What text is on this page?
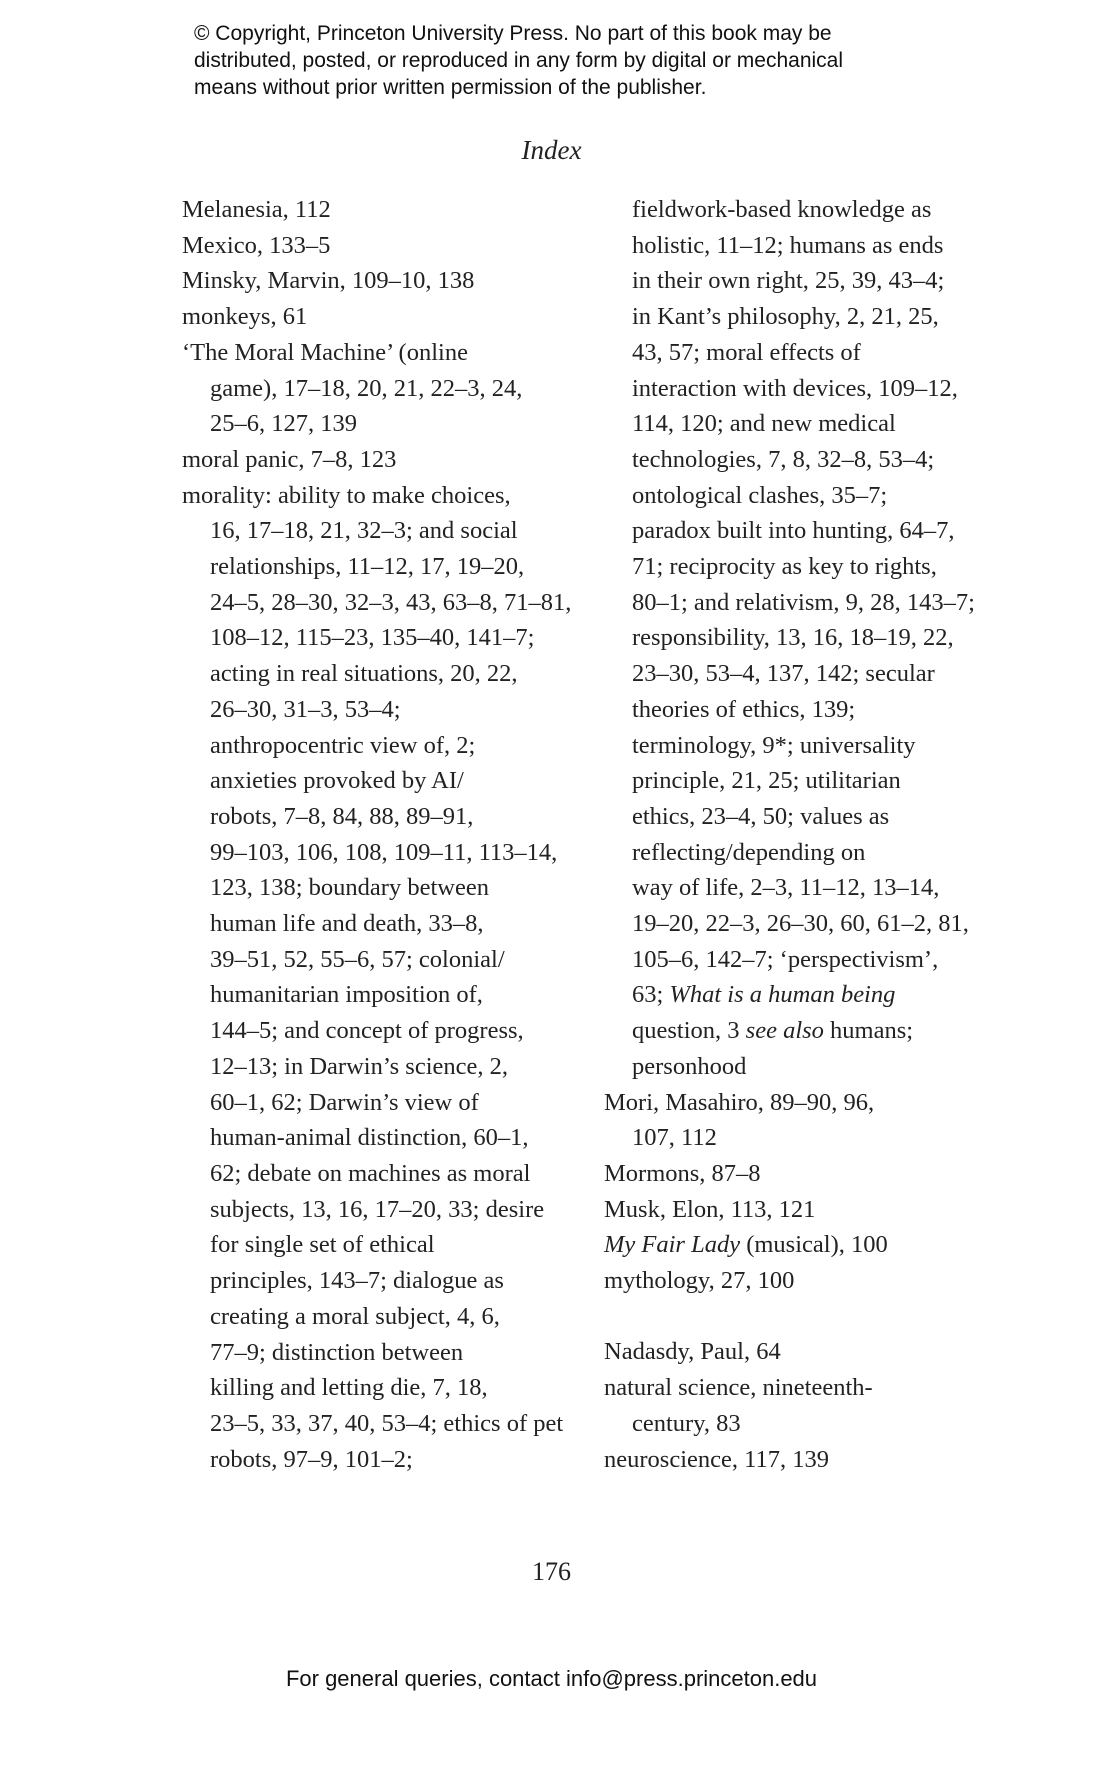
© Copyright, Princeton University Press. No part of this book may be
distributed, posted, or reproduced in any form by digital or mechanical
means without prior written permission of the publisher.
Index
Melanesia, 112
Mexico, 133–5
Minsky, Marvin, 109–10, 138
monkeys, 61
‘The Moral Machine’ (online
game), 17–18, 20, 21, 22–3, 24,
25–6, 127, 139
moral panic, 7–8, 123
morality: ability to make choices,
16, 17–18, 21, 32–3; and social
relationships, 11–12, 17, 19–20,
24–5, 28–30, 32–3, 43, 63–8, 71–81,
108–12, 115–23, 135–40, 141–7;
acting in real situations, 20, 22,
26–30, 31–3, 53–4;
anthropocentric view of, 2;
anxieties provoked by AI/
robots, 7–8, 84, 88, 89–91,
99–103, 106, 108, 109–11, 113–14,
123, 138; boundary between
human life and death, 33–8,
39–51, 52, 55–6, 57; colonial/
humanitarian imposition of,
144–5; and concept of progress,
12–13; in Darwin’s science, 2,
60–1, 62; Darwin’s view of
human-animal distinction, 60–1,
62; debate on machines as moral
subjects, 13, 16, 17–20, 33; desire
for single set of ethical
principles, 143–7; dialogue as
creating a moral subject, 4, 6,
77–9; distinction between
killing and letting die, 7, 18,
23–5, 33, 37, 40, 53–4; ethics of pet
robots, 97–9, 101–2;
fieldwork-based knowledge as
holistic, 11–12; humans as ends
in their own right, 25, 39, 43–4;
in Kant’s philosophy, 2, 21, 25,
43, 57; moral effects of
interaction with devices, 109–12,
114, 120; and new medical
technologies, 7, 8, 32–8, 53–4;
ontological clashes, 35–7;
paradox built into hunting, 64–7,
71; reciprocity as key to rights,
80–1; and relativism, 9, 28, 143–7;
responsibility, 13, 16, 18–19, 22,
23–30, 53–4, 137, 142; secular
theories of ethics, 139;
terminology, 9*; universality
principle, 21, 25; utilitarian
ethics, 23–4, 50; values as
reflecting/depending on
way of life, 2–3, 11–12, 13–14,
19–20, 22–3, 26–30, 60, 61–2, 81,
105–6, 142–7; ‘perspectivism’,
63; What is a human being
question, 3 see also humans;
personhood
Mori, Masahiro, 89–90, 96,
107, 112
Mormons, 87–8
Musk, Elon, 113, 121
My Fair Lady (musical), 100
mythology, 27, 100
Nadasdy, Paul, 64
natural science, nineteenth-
century, 83
neuroscience, 117, 139
176
For general queries, contact info@press.princeton.edu
